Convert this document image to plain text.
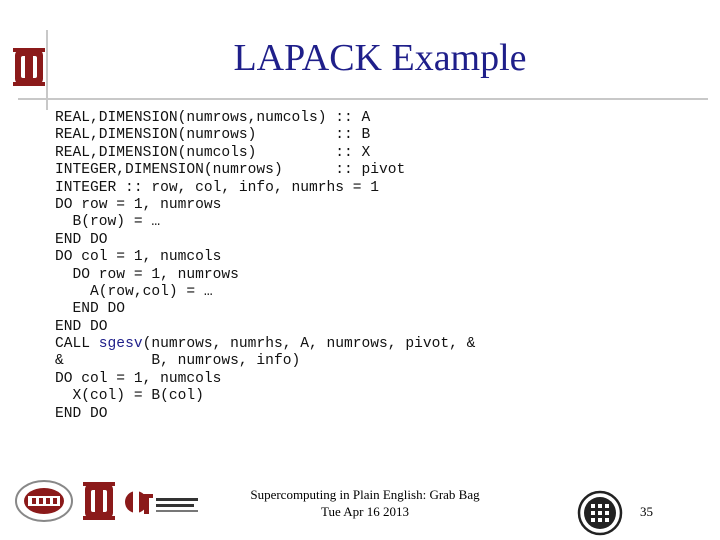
LAPACK Example
REAL,DIMENSION(numrows,numcols) :: A
REAL,DIMENSION(numrows)         :: B
REAL,DIMENSION(numcols)         :: X
INTEGER,DIMENSION(numrows)      :: pivot
INTEGER :: row, col, info, numrhs = 1
DO row = 1, numrows
B(row) = …
END DO
DO col = 1, numcols
DO row = 1, numrows
A(row,col) = …
END DO
END DO
CALL sgesv(numrows, numrhs, A, numrows, pivot, &
&          B, numrows, info)
DO col = 1, numcols
X(col) = B(col)
END DO
Supercomputing in Plain English: Grab Bag
Tue Apr 16 2013	35
